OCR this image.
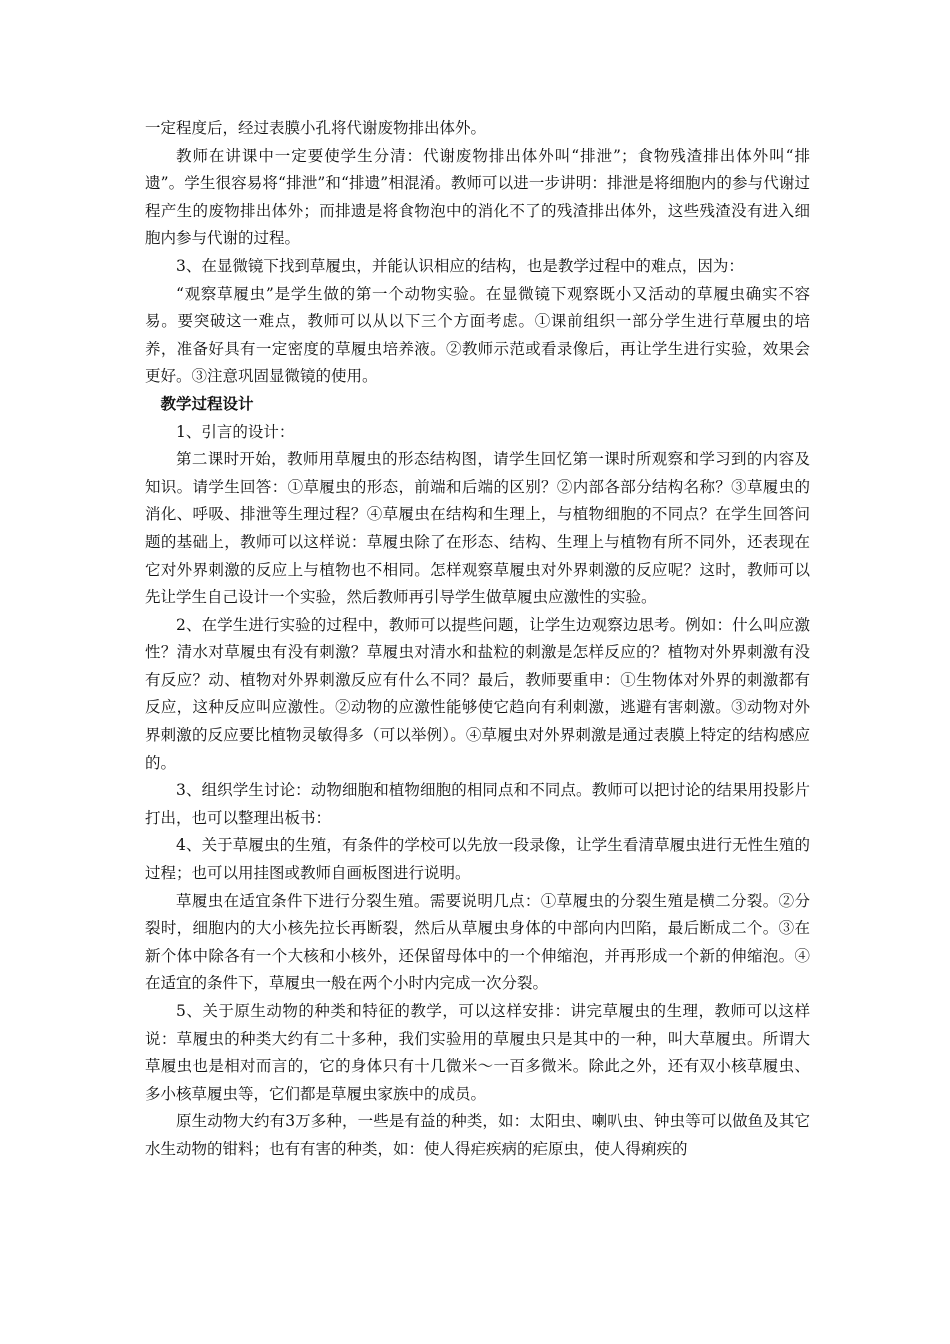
一定程度后，经过表膜小孔将代谢废物排出体外。

教师在讲课中一定要使学生分清：代谢废物排出体外叫“排泄”；食物残渣排出体外叫“排遗”。学生很容易将“排泄”和“排遗”相混淆。教师可以进一步讲明：排泄是将细胞内的参与代谢过程产生的废物排出体外；而排遗是将食物泡中的消化不了的残渣排出体外，这些残渣没有进入细胞内参与代谢的过程。

3、在显微镜下找到草履虫，并能认识相应的结构，也是教学过程中的难点，因为：

“观察草履虫”是学生做的第一个动物实验。在显微镜下观察既小又活动的草履虫确实不容易。要突破这一难点，教师可以从以下三个方面考虑。①课前组织一部分学生进行草履虫的培养，准备好具有一定密度的草履虫培养液。②教师示范或看录像后，再让学生进行实验，效果会更好。③注意巩固显微镜的使用。

教学过程设计

1、引言的设计：

第二课时开始，教师用草履虫的形态结构图，请学生回忆第一课时所观察和学习到的内容及知识。请学生回答：①草履虫的形态，前端和后端的区别？②内部各部分结构名称？③草履虫的消化、呼吸、排泄等生理过程？④草履虫在结构和生理上，与植物细胞的不同点？在学生回答问题的基础上，教师可以这样说：草履虫除了在形态、结构、生理上与植物有所不同外，还表现在它对外界刺激的反应上与植物也不相同。怎样观察草履虫对外界刺激的反应呢？这时，教师可以先让学生自己设计一个实验，然后教师再引导学生做草履虫应激性的实验。

2、在学生进行实验的过程中，教师可以提些问题，让学生边观察边思考。例如：什么叫应激性？清水对草履虫有没有刺激？草履虫对清水和盐粒的刺激是怎样反应的？植物对外界刺激有没有反应？动、植物对外界刺激反应有什么不同？最后，教师要重申：①生物体对外界的刺激都有反应，这种反应叫应激性。②动物的应激性能够使它趋向有利刺激，逃避有害刺激。③动物对外界刺激的反应要比植物灵敏得多（可以举例）。④草履虫对外界刺激是通过表膜上特定的结构感应的。

3、组织学生讨论：动物细胞和植物细胞的相同点和不同点。教师可以把讨论的结果用投影片打出，也可以整理出板书：

4、关于草履虫的生殖，有条件的学校可以先放一段录像，让学生看清草履虫进行无性生殖的过程；也可以用挂图或教师自画板图进行说明。

草履虫在适宜条件下进行分裂生殖。需要说明几点：①草履虫的分裂生殖是横二分裂。②分裂时，细胞内的大小核先拉长再断裂，然后从草履虫身体的中部向内凹陷，最后断成二个。③在新个体中除各有一个大核和小核外，还保留母体中的一个伸缩泡，并再形成一个新的伸缩泡。④在适宜的条件下，草履虫一般在两个小时内完成一次分裂。

5、关于原生动物的种类和特征的教学，可以这样安排：讲完草履虫的生理，教师可以这样说：草履虫的种类大约有二十多种，我们实验用的草履虫只是其中的一种，叫大草履虫。所谓大草履虫也是相对而言的，它的身体只有十几微米～一百多微米。除此之外，还有双小核草履虫、多小核草履虫等，它们都是草履虫家族中的成员。

原生动物大约有3万多种，一些是有益的种类，如：太阳虫、喇叭虫、钟虫等可以做鱼及其它水生动物的钳料；也有有害的种类，如：使人得疟疾病的疟原虫，使人得痢疾的
